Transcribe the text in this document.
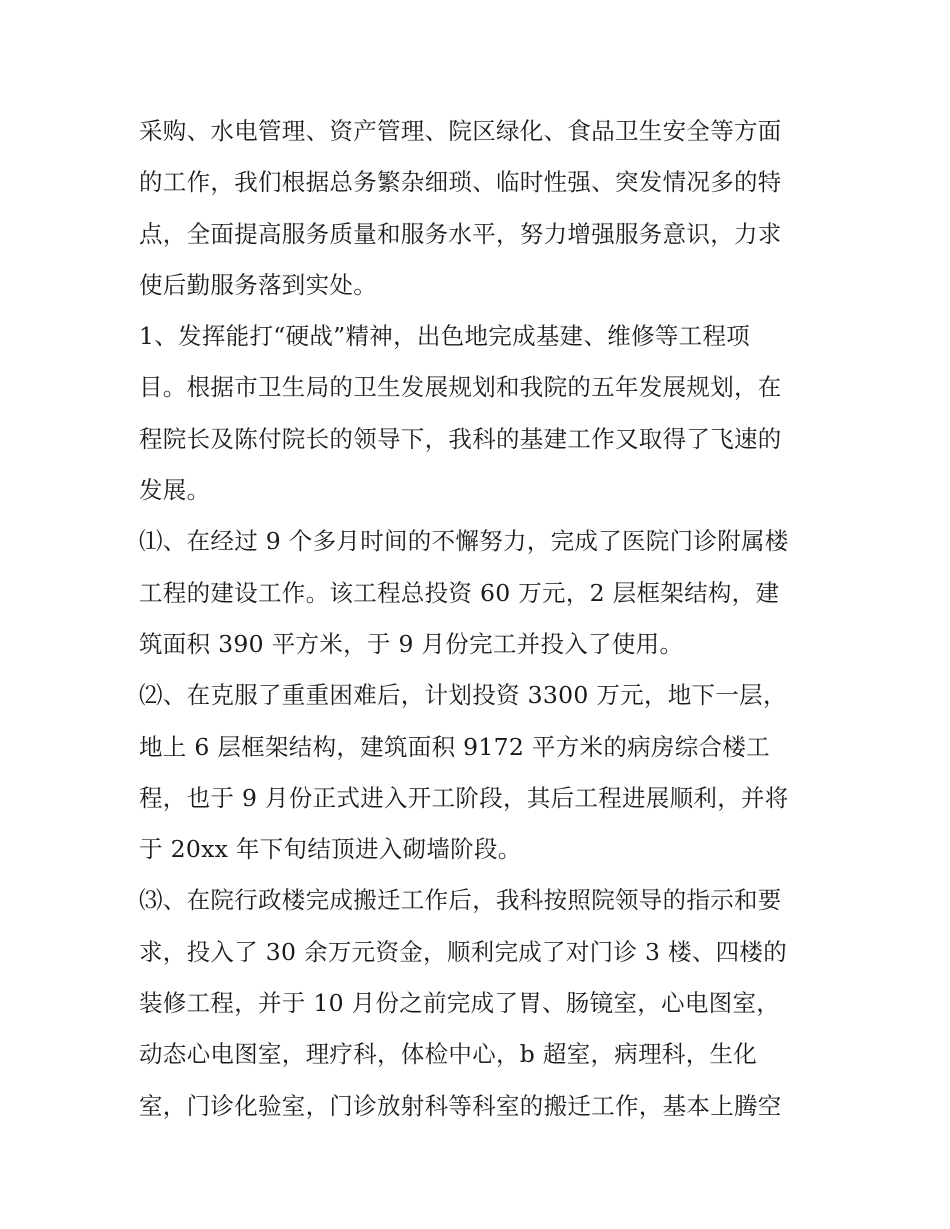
采购、水电管理、资产管理、院区绿化、食品卫生安全等方面
的工作，我们根据总务繁杂细琐、临时性强、突发情况多的特
点，全面提高服务质量和服务水平，努力增强服务意识，力求
使后勤服务落到实处。
1、发挥能打“硬战”精神，出色地完成基建、维修等工程项
目。根据市卫生局的卫生发展规划和我院的五年发展规划，在
程院长及陈付院长的领导下，我科的基建工作又取得了飞速的
发展。
⑴、在经过 9 个多月时间的不懈努力，完成了医院门诊附属楼
工程的建设工作。该工程总投资 60 万元，2 层框架结构，建
筑面积 390 平方米，于 9 月份完工并投入了使用。
⑵、在克服了重重困难后，计划投资 3300 万元，地下一层，
地上 6 层框架结构，建筑面积 9172 平方米的病房综合楼工
程，也于 9 月份正式进入开工阶段，其后工程进展顺利，并将
于 20xx 年下旬结顶进入砌墙阶段。
⑶、在院行政楼完成搬迁工作后，我科按照院领导的指示和要
求，投入了 30 余万元资金，顺利完成了对门诊 3 楼、四楼的
装修工程，并于 10 月份之前完成了胃、肠镜室，心电图室，
动态心电图室，理疗科，体检中心，b 超室，病理科，生化
室，门诊化验室，门诊放射科等科室的搬迁工作，基本上腾空
